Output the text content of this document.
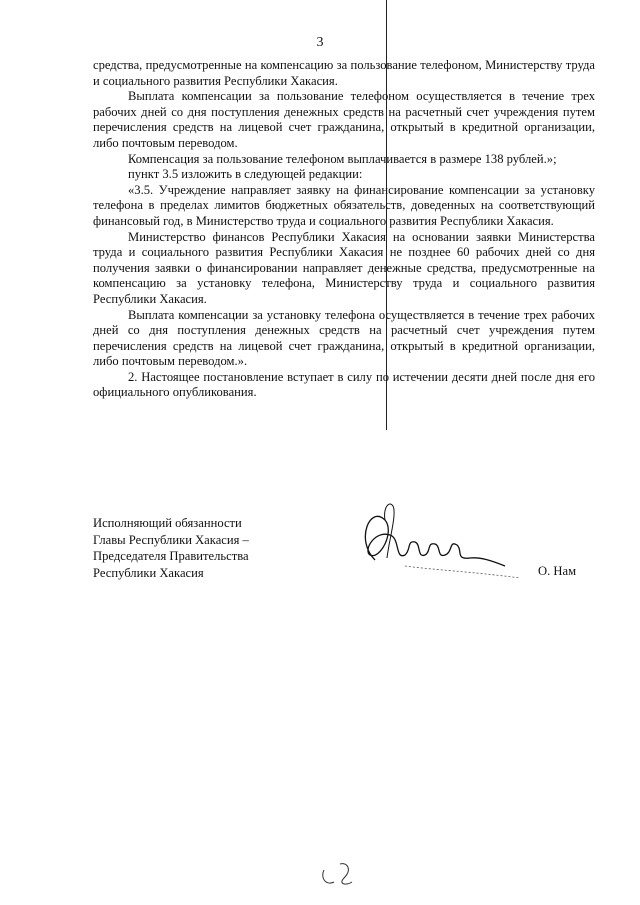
3

средства, предусмотренные на компенсацию за пользование телефоном, Министерству труда и социального развития Республики Хакасия.

Выплата компенсации за пользование телефоном осуществляется в течение трех рабочих дней со дня поступления денежных средств на расчетный счет учреждения путем перечисления средств на лицевой счет гражданина, открытый в кредитной организации, либо почтовым переводом.

Компенсация за пользование телефоном выплачивается в размере 138 рублей.»;

пункт 3.5 изложить в следующей редакции:

«3.5. Учреждение направляет заявку на финансирование компенсации за установку телефона в пределах лимитов бюджетных обязательств, доведенных на соответствующий финансовый год, в Министерство труда и социального развития Республики Хакасия.

Министерство финансов Республики Хакасия на основании заявки Министерства труда и социального развития Республики Хакасия не позднее 60 рабочих дней со дня получения заявки о финансировании направляет денежные средства, предусмотренные на компенсацию за установку телефона, Министерству труда и социального развития Республики Хакасия.

Выплата компенсации за установку телефона осуществляется в течение трех рабочих дней со дня поступления денежных средств на расчетный счет учреждения путем перечисления средств на лицевой счет гражданина, открытый в кредитной организации, либо почтовым переводом.».

2. Настоящее постановление вступает в силу по истечении десяти дней после дня его официального опубликования.

Исполняющий обязанности
Главы Республики Хакасия –
Председателя Правительства
Республики Хакасия	О. Нам
